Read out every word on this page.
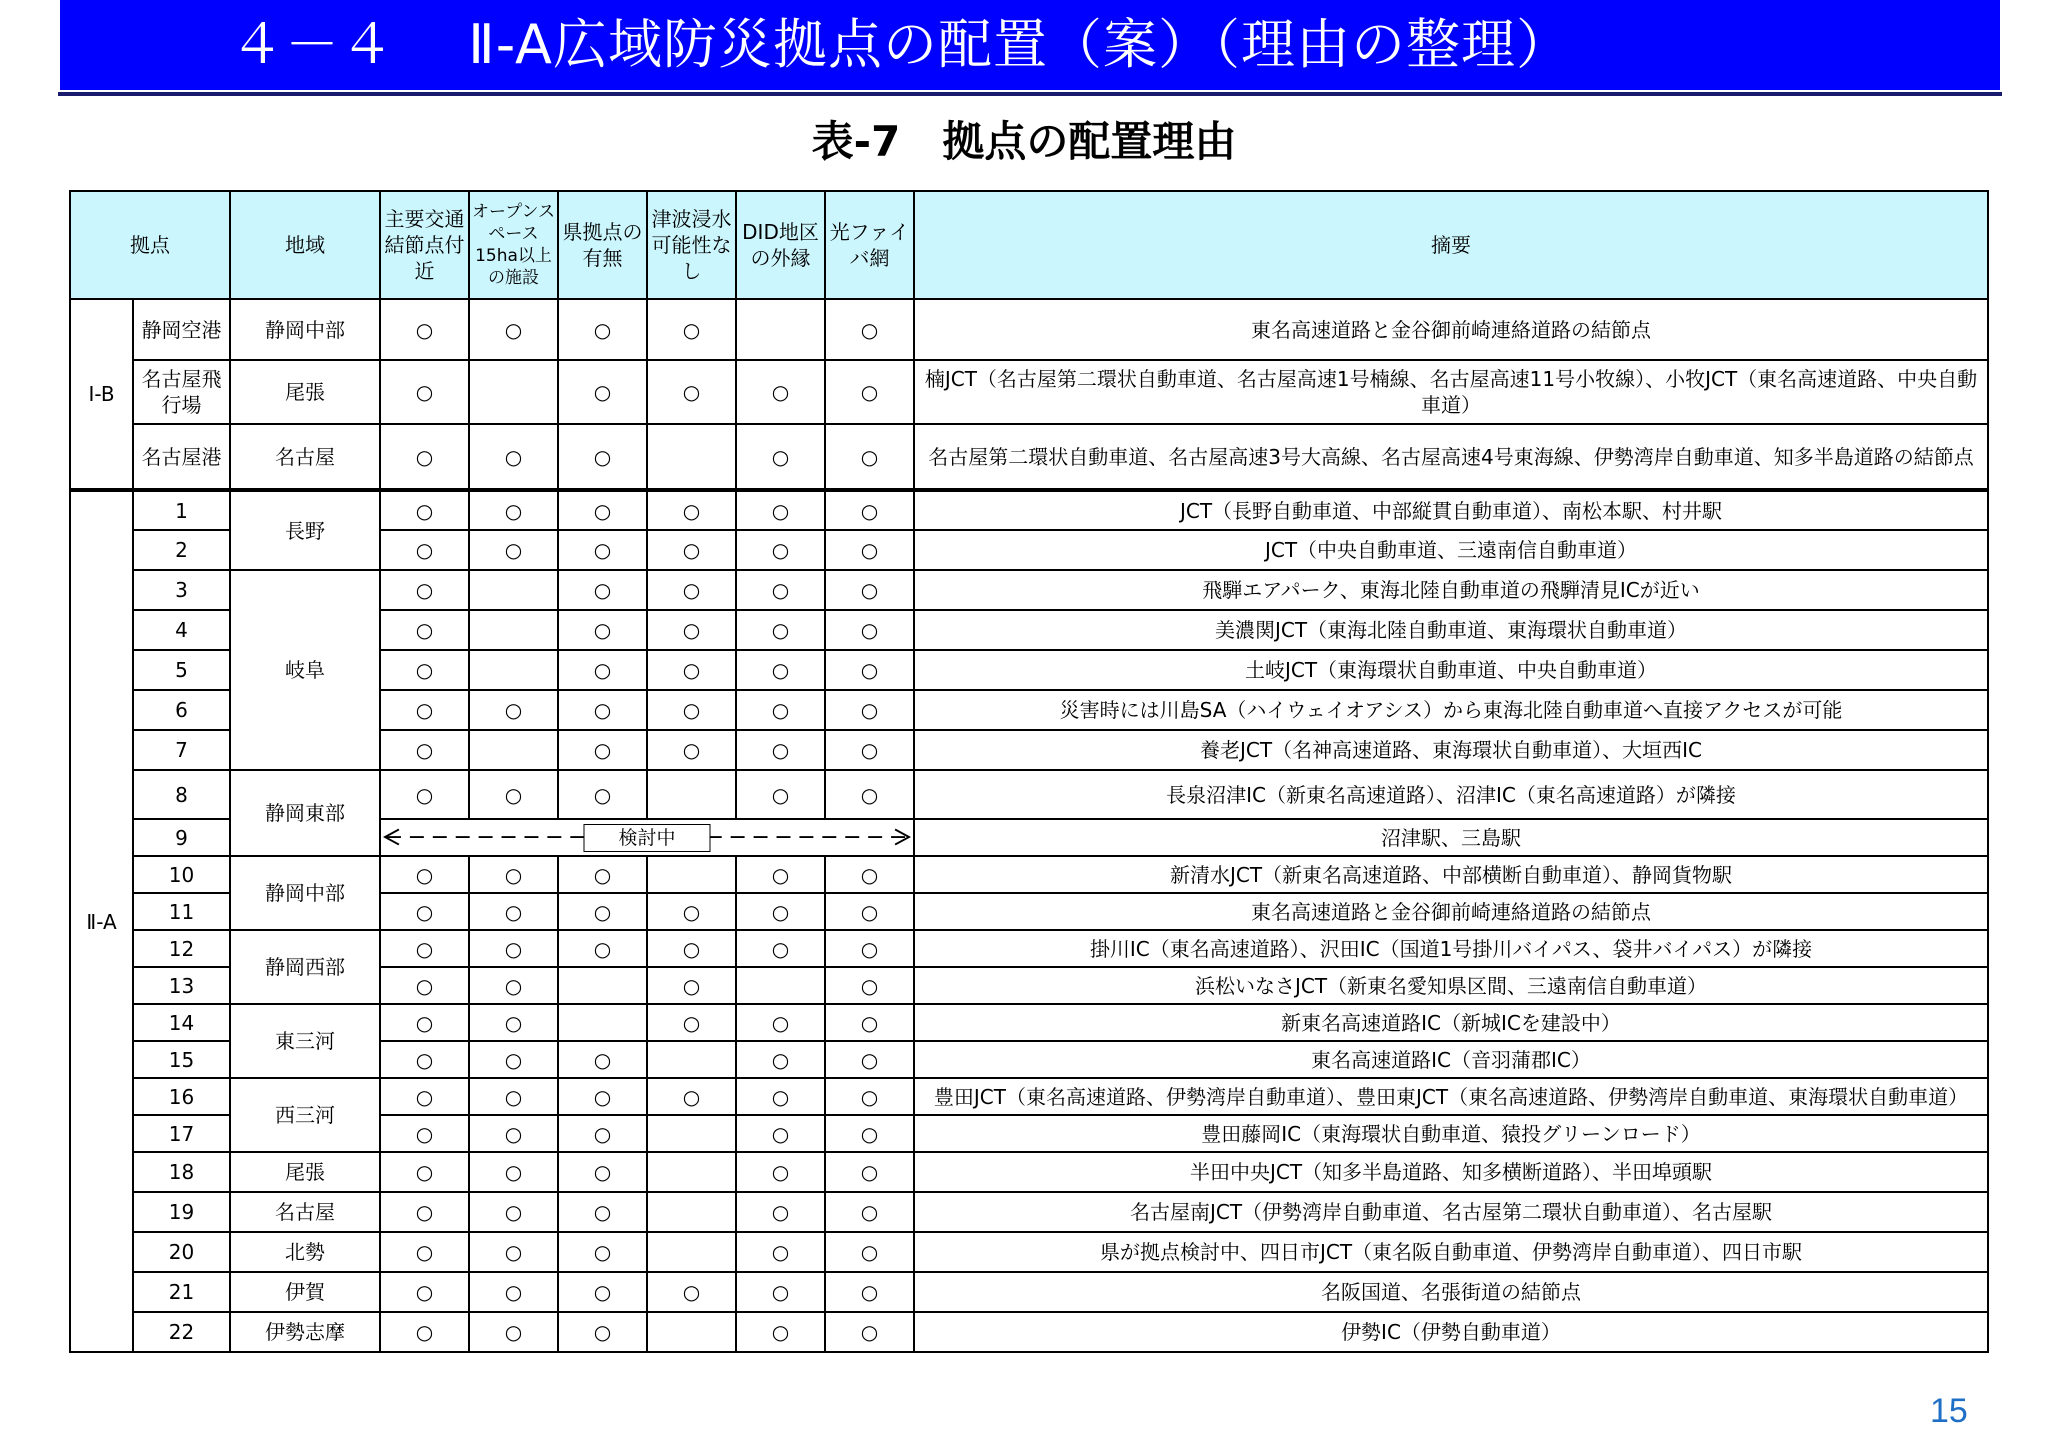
４－４　 Ⅱ-A広域防災拠点の配置（案）（理由の整理）
表-7　拠点の配置理由
拠点		地域	主要交通結節点付近	オープンスペース15ha以上の施設	県拠点の有無	津波浸水可能性なし	DID地区の外縁	光ファイバ網	摘要
Ⅰ-B	静岡空港	静岡中部	○	○	○	○		○	東名高速道路と金谷御前崎連絡道路の結節点
	名古屋飛行場	尾張	○		○	○	○	○	楠JCT（名古屋第二環状自動車道、名古屋高速1号楠線、名古屋高速11号小牧線）、小牧JCT（東名高速道路、中央自動車道）
	名古屋港	名古屋	○	○	○		○	○	名古屋第二環状自動車道、名古屋高速3号大高線、名古屋高速4号東海線、伊勢湾岸自動車道、知多半島道路の結節点
Ⅱ-A	1	長野	○	○	○	○	○	○	JCT（長野自動車道、中部縦貫自動車道）、南松本駅、村井駅
	2		○	○	○	○	○	○	JCT（中央自動車道、三遠南信自動車道）
	3	岐阜	○		○	○	○	○	飛騨エアパーク、東海北陸自動車道の飛騨清見ICが近い
	4		○		○	○	○	○	美濃関JCT（東海北陸自動車道、東海環状自動車道）
	5		○		○	○	○	○	土岐JCT（東海環状自動車道、中央自動車道）
	6		○	○	○	○	○	○	災害時には川島SA（ハイウェイオアシス）から東海北陸自動車道へ直接アクセスが可能
	7		○		○	○	○	○	養老JCT（名神高速道路、東海環状自動車道）、大垣西IC
	8	静岡東部	○	○	○		○	○	長泉沼津IC（新東名高速道路）、沼津IC（東名高速道路）が隣接
	9		検討中						沼津駅、三島駅
	10	静岡中部	○	○	○		○	○	新清水JCT（新東名高速道路、中部横断自動車道）、静岡貨物駅
	11		○	○	○	○	○	○	東名高速道路と金谷御前崎連絡道路の結節点
	12	静岡西部	○	○	○	○	○	○	掛川IC（東名高速道路）、沢田IC（国道1号掛川バイパス、袋井バイパス）が隣接
	13		○	○		○		○	浜松いなさJCT（新東名愛知県区間、三遠南信自動車道）
	14	東三河	○	○		○	○	○	新東名高速道路IC（新城ICを建設中）
	15		○	○	○		○	○	東名高速道路IC（音羽蒲郡IC）
	16	西三河	○	○	○	○	○	○	豊田JCT（東名高速道路、伊勢湾岸自動車道）、豊田東JCT（東名高速道路、伊勢湾岸自動車道、東海環状自動車道）
	17		○	○	○		○	○	豊田藤岡IC（東海環状自動車道、猿投グリーンロード）
	18	尾張	○	○	○		○	○	半田中央JCT（知多半島道路、知多横断道路）、半田埠頭駅
	19	名古屋	○	○	○		○	○	名古屋南JCT（伊勢湾岸自動車道、名古屋第二環状自動車道）、名古屋駅
	20	北勢	○	○	○		○	○	県が拠点検討中、四日市JCT（東名阪自動車道、伊勢湾岸自動車道）、四日市駅
	21	伊賀	○	○	○	○	○	○	名阪国道、名張街道の結節点
	22	伊勢志摩	○	○	○		○	○	伊勢IC（伊勢自動車道）
15
